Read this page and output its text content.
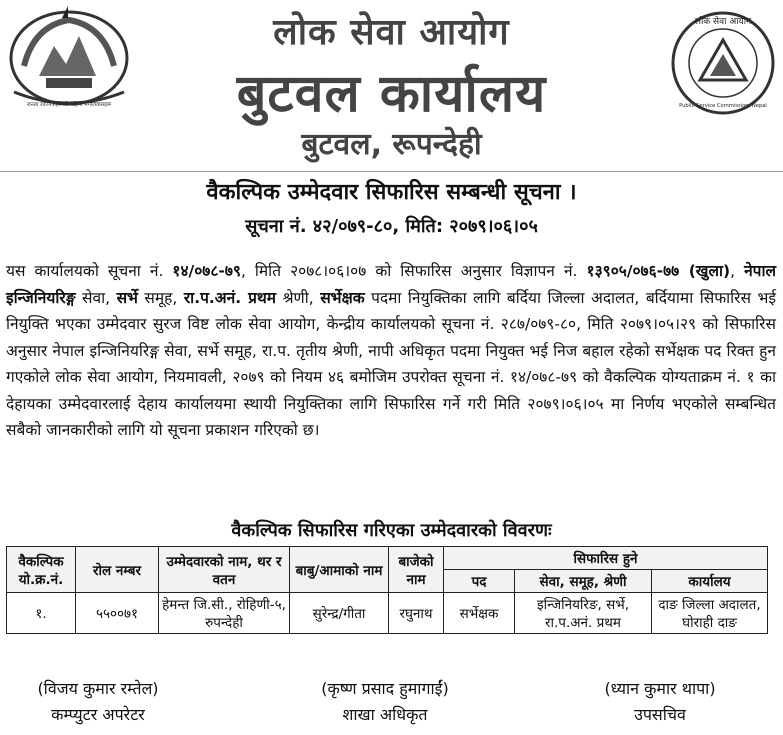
जनता राज्यिकहरूको महिमा मगलिवासहरू
लोक सेवा आयोग
बुटवल कार्यालय
बुटवल, रूपन्देही
लोक सेवा आयोग
Public Service Commission, Nepal
वैकल्पिक उम्मेदवार सिफारिस सम्बन्धी सूचना ।
सूचना नं. ४२/०७९-८०, मिति: २०७९।०६।०५
यस कार्यालयको सूचना नं. १४/०७८-७९, मिति २०७८।०६।०७ को सिफारिस अनुसार विज्ञापन नं. १३९०५/०७६-७७ (खुला), नेपाल इन्जिनियरिङ्ग सेवा, सर्भे समूह, रा.प.अनं. प्रथम श्रेणी, सर्भेक्षक पदमा नियुक्तिका लागि बर्दिया जिल्ला अदालत, बर्दियामा सिफारिस भई नियुक्ति भएका उम्मेदवार सुरज विष्ट लोक सेवा आयोग, केन्द्रीय कार्यालयको सूचना नं. २८७/०७९-८०, मिति २०७९।०५।२९ को सिफारिस अनुसार नेपाल इन्जिनियरिङ्ग सेवा, सर्भे समूह, रा.प. तृतीय श्रेणी, नापी अधिकृत पदमा नियुक्त भई निज बहाल रहेको सर्भेक्षक पद रिक्त हुन गएकोले लोक सेवा आयोग, नियमावली, २०७९ को नियम ४६ बमोजिम उपरोक्त सूचना नं. १४/०७८-७९ को वैकल्पिक योग्यताक्रम नं. १ का देहायका उम्मेदवारलाई देहाय कार्यालयमा स्थायी नियुक्तिका लागि सिफारिस गर्ने गरी मिति २०७९।०६।०५ मा निर्णय भएकोले सम्बन्धित सबैको जानकारीको लागि यो सूचना प्रकाशन गरिएको छ।
वैकल्पिक सिफारिस गरिएका उम्मेदवारको विवरणः
वैकल्पिक यो.क्र.नं.	रोल नम्बर	उम्मेदवारको नाम, थर र वतन	बाबु/आमाको नाम	बाजेको नाम	सिफारिस हुने		
					पद	सेवा, समूह, श्रेणी	कार्यालय
१.	५५००७१	हेमन्त जि.सी., रोहिणी-५, रुपन्देही	सुरेन्द्र/गीता	रघुनाथ	सर्भेक्षक	इन्जिनियरिङ, सर्भे, रा.प.अनं. प्रथम	दाङ जिल्ला अदालत, घोराही दाङ
(विजय कुमार रम्तेल)
कम्प्युटर अपरेटर
(कृष्ण प्रसाद हुमागाईं)
शाखा अधिकृत
(ध्यान कुमार थापा)
उपसचिव
